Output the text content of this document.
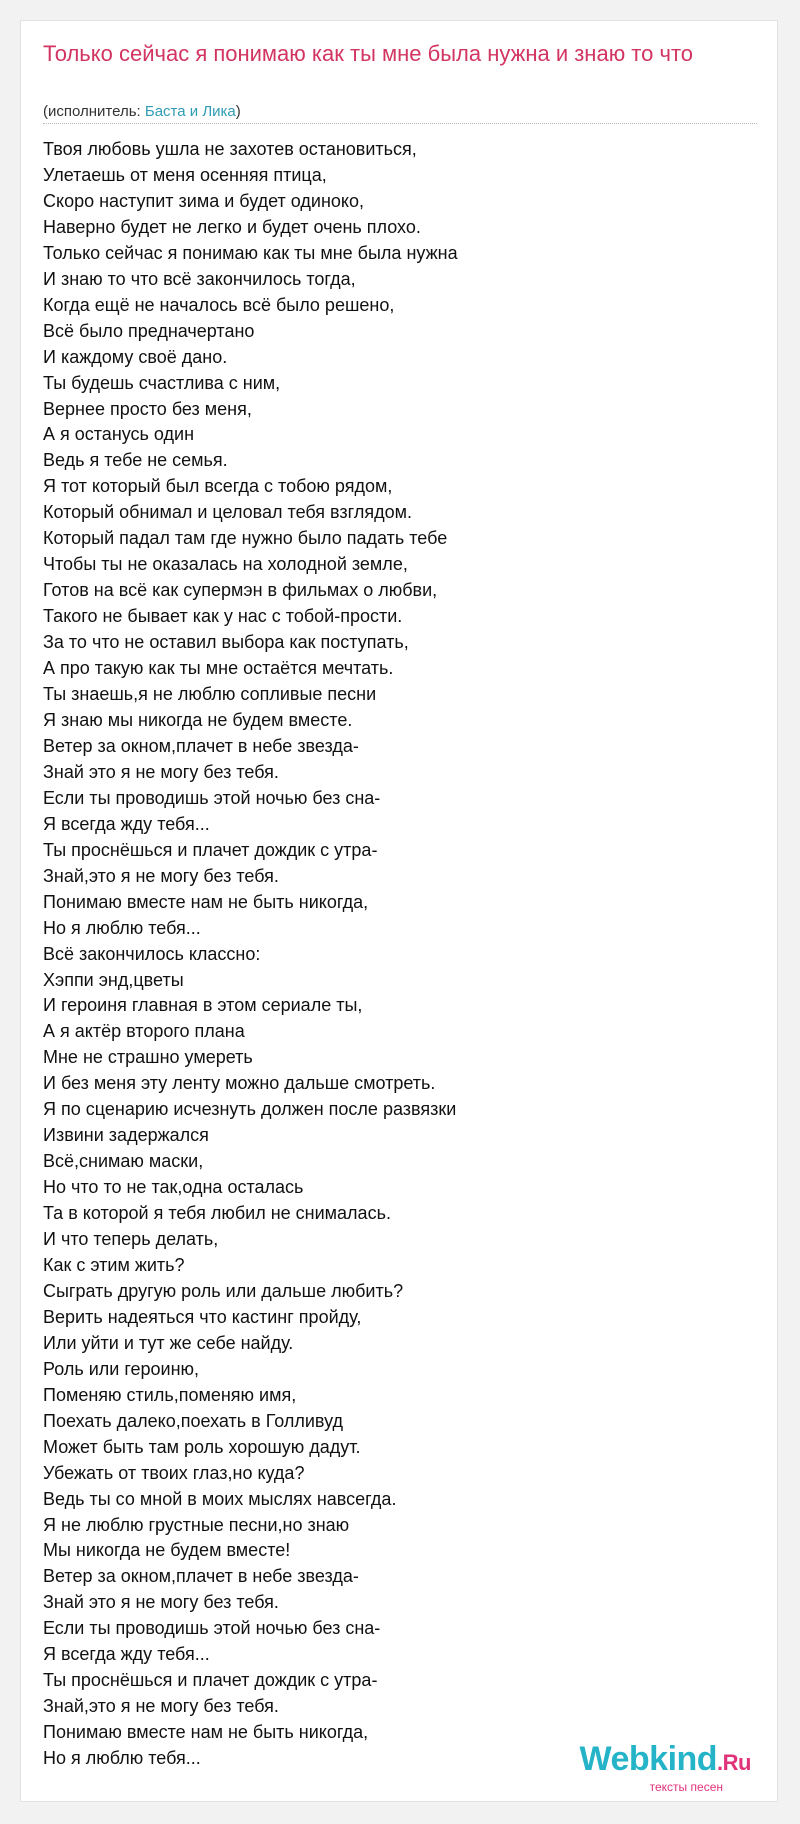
Только сейчас я понимаю как ты мне была нужна и знаю то что
(исполнитель: Баста и Лика)
Твоя любовь ушла не захотев остановиться,
Улетаешь от меня осенняя птица,
Скоро наступит зима и будет одиноко,
Наверно будет не легко и будет очень плохо.
Только сейчас я понимаю как ты мне была нужна
И знаю то что всё закончилось тогда,
Когда ещё не началось всё было решено,
Всё было предначертано
И каждому своё дано.
Ты будешь счастлива с ним,
Вернее просто без меня,
А я останусь один
Ведь я тебе не семья.
Я тот который был всегда с тобою рядом,
Который обнимал и целовал тебя взглядом.
Который падал там где нужно было падать тебе
Чтобы ты не оказалась на холодной земле,
Готов на всё как супермэн в фильмах о любви,
Такого не бывает как у нас с тобой-прости.
За то что не оставил выбора как поступать,
А про такую как ты мне остаётся мечтать.
Ты знаешь,я не люблю сопливые песни
Я знаю мы никогда не будем вместе.
Ветер за окном,плачет в небе звезда-
Знай это я не могу без тебя.
Если ты проводишь этой ночью без сна-
Я всегда жду тебя...
Ты проснёшься и плачет дождик с утра-
Знай,это я не могу без тебя.
Понимаю вместе нам не быть никогда,
Но я люблю тебя...
Всё закончилось классно:
Хэппи энд,цветы
И героиня главная в этом сериале ты,
А я актёр второго плана
Мне не страшно умереть
И без меня эту ленту можно дальше смотреть.
Я по сценарию исчезнуть должен после развязки
Извини задержался
Всё,снимаю маски,
Но что то не так,одна осталась
Та в которой я тебя любил не снималась.
И что теперь делать,
Как с этим жить?
Сыграть другую роль или дальше любить?
Верить надеяться что кастинг пройду,
Или уйти и тут же себе найду.
Роль или героиню,
Поменяю стиль,поменяю имя,
Поехать далеко,поехать в Голливуд
Может быть там роль хорошую дадут.
Убежать от твоих глаз,но куда?
Ведь ты со мной в моих мыслях навсегда.
Я не люблю грустные песни,но знаю
Мы никогда не будем вместе!
Ветер за окном,плачет в небе звезда-
Знай это я не могу без тебя.
Если ты проводишь этой ночью без сна-
Я всегда жду тебя...
Ты проснёшься и плачет дождик с утра-
Знай,это я не могу без тебя.
Понимаю вместе нам не быть никогда,
Но я люблю тебя...	Webkind.Ru
тексты песен
